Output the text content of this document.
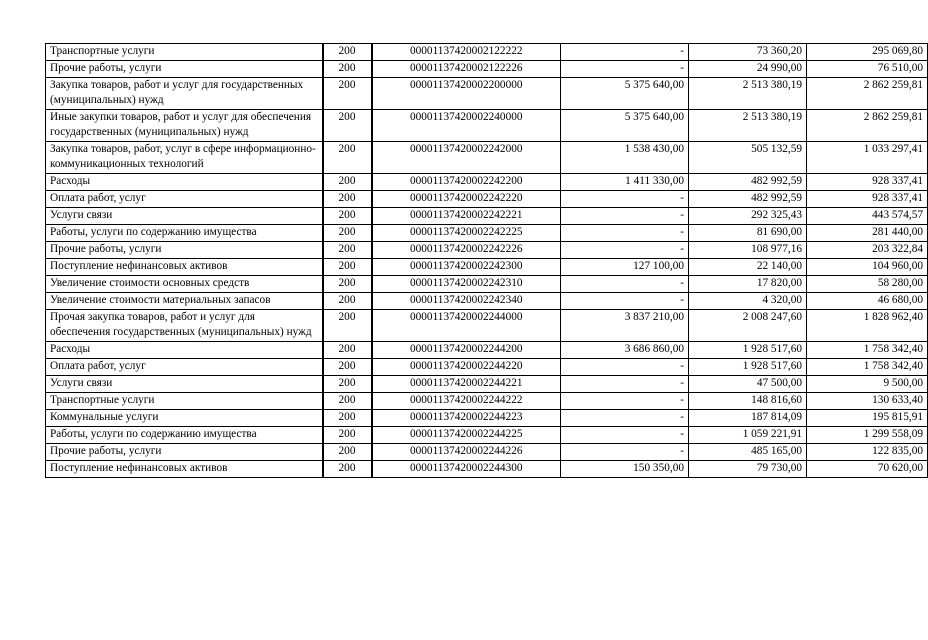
Транспортные услуги	200	00001137420002122222	-	73 360,20	295 069,80
Прочие работы, услуги	200	00001137420002122226	-	24 990,00	76 510,00
Закупка товаров, работ и услуг для государственных (муниципальных) нужд	200	00001137420002200000	5 375 640,00	2 513 380,19	2 862 259,81
Иные закупки товаров, работ и услуг для обеспечения государственных (муниципальных) нужд	200	00001137420002240000	5 375 640,00	2 513 380,19	2 862 259,81
Закупка товаров, работ, услуг в сфере информационно-коммуникационных технологий	200	00001137420002242000	1 538 430,00	505 132,59	1 033 297,41
Расходы	200	00001137420002242200	1 411 330,00	482 992,59	928 337,41
Оплата работ, услуг	200	00001137420002242220	-	482 992,59	928 337,41
Услуги связи	200	00001137420002242221	-	292 325,43	443 574,57
Работы, услуги по содержанию имущества	200	00001137420002242225	-	81 690,00	281 440,00
Прочие работы, услуги	200	00001137420002242226	-	108 977,16	203 322,84
Поступление нефинансовых активов	200	00001137420002242300	127 100,00	22 140,00	104 960,00
Увеличение стоимости основных средств	200	00001137420002242310	-	17 820,00	58 280,00
Увеличение стоимости материальных запасов	200	00001137420002242340	-	4 320,00	46 680,00
Прочая закупка товаров, работ и услуг для обеспечения государственных (муниципальных) нужд	200	00001137420002244000	3 837 210,00	2 008 247,60	1 828 962,40
Расходы	200	00001137420002244200	3 686 860,00	1 928 517,60	1 758 342,40
Оплата работ, услуг	200	00001137420002244220	-	1 928 517,60	1 758 342,40
Услуги связи	200	00001137420002244221	-	47 500,00	9 500,00
Транспортные услуги	200	00001137420002244222	-	148 816,60	130 633,40
Коммунальные услуги	200	00001137420002244223	-	187 814,09	195 815,91
Работы, услуги по содержанию имущества	200	00001137420002244225	-	1 059 221,91	1 299 558,09
Прочие работы, услуги	200	00001137420002244226	-	485 165,00	122 835,00
Поступление нефинансовых активов	200	00001137420002244300	150 350,00	79 730,00	70 620,00
